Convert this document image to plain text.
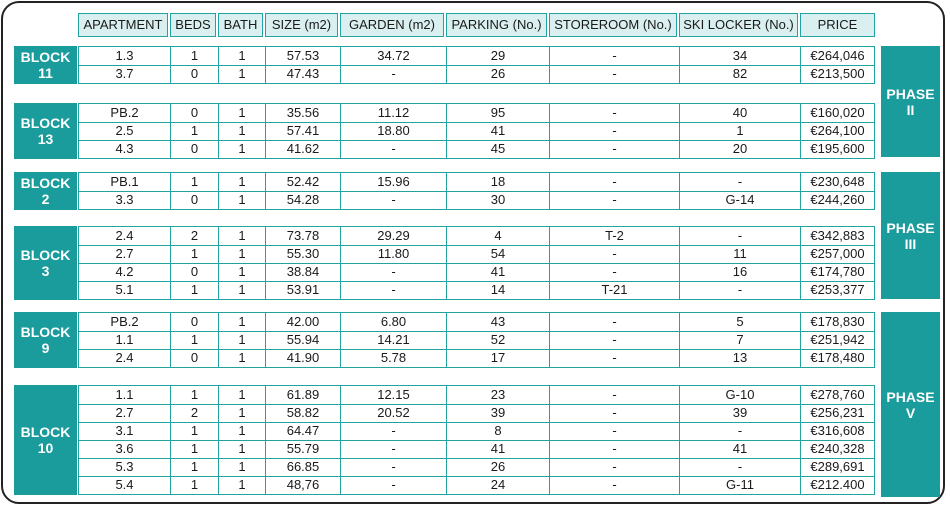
APARTMENT BEDS BATH	SIZE (m2)	GARDEN (m2)	PARKING (No.) STOREROOM (No.) SKI LOCKER (No.)	PRICE
BLOCK
11
1.3	1	1	57.53	34.72	29	-	34	€264,046
3.7	0	1	47.43	-	26	-	82	€213,500
BLOCK
13
PB.2	0	1	35.56	11.12	95	-	40	€160,020
2.5	1	1	57.41	18.80	41	-	1	€264,100
4.3	0	1	41.62	-	45	-	20	€195,600
BLOCK
2
PB.1	1	1	52.42	15.96	18	-	-	€230,648
3.3	0	1	54.28	-	30	-	G-14	€244,260
BLOCK
3
2.4	2	1	73.78	29.29	4	T-2	-	€342,883
2.7	1	1	55.30	11.80	54	-	11	€257,000
4.2	0	1	38.84	-	41	-	16	€174,780
5.1	1	1	53.91	-	14	T-21	-	€253,377
BLOCK
9
PB.2	0	1	42.00	6.80	43	-	5	€178,830
1.1	1	1	55.94	14.21	52	-	7	€251,942
2.4	0	1	41.90	5.78	17	-	13	€178,480
BLOCK
10
1.1	1	1	61.89	12.15	23	-	G-10	€278,760
2.7	2	1	58.82	20.52	39	-	39	€256,231
3.1	1	1	64.47	-	8	-	-	€316,608
3.6	1	1	55.79	-	41	-	41	€240,328
5.3	1	1	66.85	-	26	-	-	€289,691
5.4	1	1	48,76	-	24	-	G-11	€212.400
PHASE
II
PHASE
III
PHASE
V
